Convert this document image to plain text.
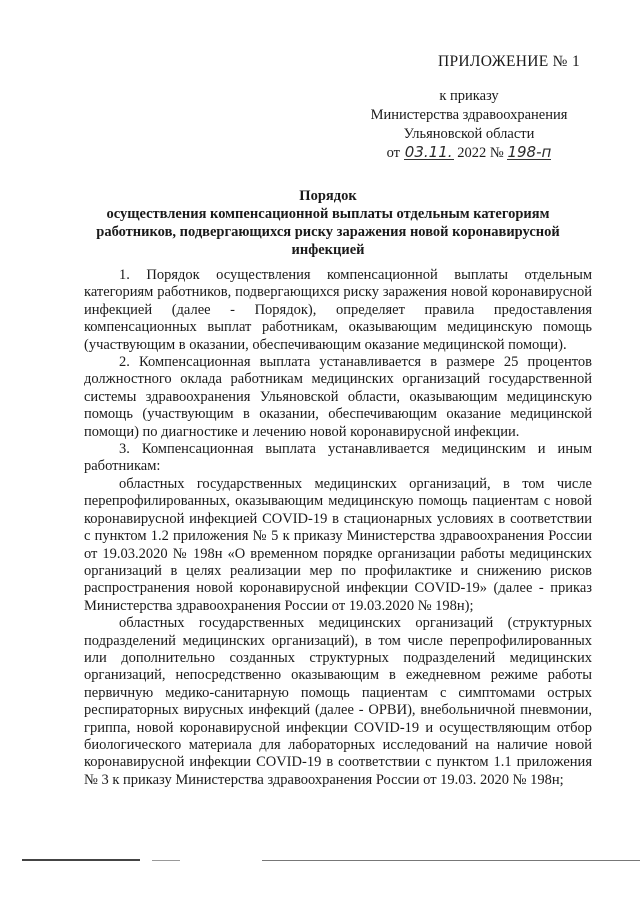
ПРИЛОЖЕНИЕ № 1
к приказу
Министерства здравоохранения
Ульяновской области
от 03.11. 2022 № 198-п
Порядок
осуществления компенсационной выплаты отдельным категориям работников, подвергающихся риску заражения новой коронавирусной инфекцией

1. Порядок осуществления компенсационной выплаты отдельным категориям работников, подвергающихся риску заражения новой коронавирусной инфекцией (далее - Порядок), определяет правила предоставления компенсационных выплат работникам, оказывающим медицинскую помощь (участвующим в оказании, обеспечивающим оказание медицинской помощи).

2. Компенсационная выплата устанавливается в размере 25 процентов должностного оклада работникам медицинских организаций государственной системы здравоохранения Ульяновской области, оказывающим медицинскую помощь (участвующим в оказании, обеспечивающим оказание медицинской помощи) по диагностике и лечению новой коронавирусной инфекции.

3. Компенсационная выплата устанавливается медицинским и иным работникам:

областных государственных медицинских организаций, в том числе перепрофилированных, оказывающим медицинскую помощь пациентам с новой коронавирусной инфекцией COVID-19 в стационарных условиях в соответствии с пунктом 1.2 приложения № 5 к приказу Министерства здравоохранения России от 19.03.2020 № 198н «О временном порядке организации работы медицинских организаций в целях реализации мер по профилактике и снижению рисков распространения новой коронавирусной инфекции COVID-19» (далее - приказ Министерства здравоохранения России от 19.03.2020 № 198н);

областных государственных медицинских организаций (структурных подразделений медицинских организаций), в том числе перепрофилированных или дополнительно созданных структурных подразделений медицинских организаций, непосредственно оказывающим в ежедневном режиме работы первичную медико-санитарную помощь пациентам с симптомами острых респираторных вирусных инфекций (далее - ОРВИ), внебольничной пневмонии, гриппа, новой коронавирусной инфекции COVID-19 и осуществляющим отбор биологического материала для лабораторных исследований на наличие новой коронавирусной инфекции COVID-19 в соответствии с пунктом 1.1 приложения № 3 к приказу Министерства здравоохранения России от 19.03. 2020 № 198н;
